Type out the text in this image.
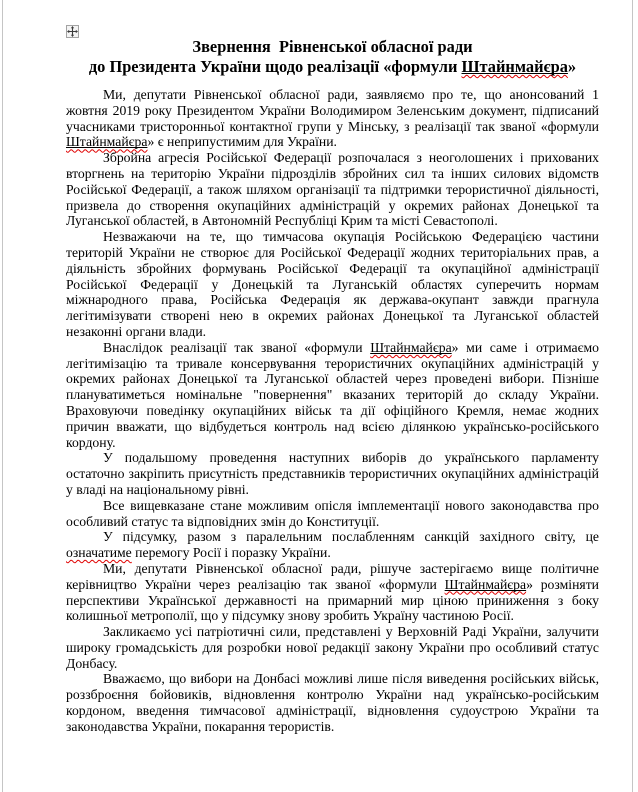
Звернення  Рівненської обласної ради
до Президента України щодо реалізації «формули Штайнмайєра»

Ми, депутати Рівненської обласної ради, заявляємо про те, що анонсований 1 жовтня 2019 року Президентом України Володимиром Зеленським документ, підписаний учасниками тристоронньої контактної групи у Мінську, з реалізації так званої «формули Штайнмайєра» є неприпустимим для України.

Збройна агресія Російської Федерації розпочалася з неоголошених і прихованих вторгнень на територію України підрозділів збройних сил та інших силових відомств Російської Федерації, а також шляхом організації та підтримки терористичної діяльності, призвела до створення окупаційних адміністрацій у окремих районах Донецької та Луганської областей, в Автономній Республіці Крим та місті Севастополі.

Незважаючи на те, що тимчасова окупація Російською Федерацією частини територій України не створює для Російської Федерації жодних територіальних прав, а діяльність збройних формувань Російської Федерації та окупаційної адміністрації Російської Федерації у Донецькій та Луганській областях суперечить нормам міжнародного права, Російська Федерація як держава-окупант завжди прагнула легітимізувати створені нею в окремих районах Донецької та Луганської областей незаконні органи влади.

Внаслідок реалізації так званої «формули Штайнмайєра» ми саме і отримаємо легітимізацію та тривале консервування терористичних окупаційних адміністрацій у окремих районах Донецької та Луганської областей через проведені вибори. Пізніше плануватиметься номінальне "повернення" вказаних територій до складу України. Враховуючи поведінку окупаційних військ та дії офіційного Кремля, немає жодних причин вважати, що відбудеться контроль над всією ділянкою українсько-російського кордону.

У подальшому проведення наступних виборів до українського парламенту остаточно закріпить присутність представників терористичних окупаційних адміністрацій у владі на національному рівні.

Все вищевказане стане можливим опісля імплементації нового законодавства про особливий статус та відповідних змін до Конституції.

У підсумку, разом з паралельним послабленням санкцій західного світу, це означатиме перемогу Росії і поразку України.

Ми, депутати Рівненської обласної ради, рішуче застерігаємо вище політичне керівництво України через реалізацію так званої «формули Штайнмайєра» розміняти перспективи Української державності на примарний мир ціною приниження з боку колишньої метрополії, що у підсумку знову зробить Україну частиною Росії.

Закликаємо усі патріотичні сили, представлені у Верховній Раді України, залучити широку громадськість для розробки нової редакції закону України про особливий статус Донбасу.

Вважаємо, що вибори на Донбасі можливі лише після виведення російських військ, роззброєння бойовиків, відновлення контролю України над українсько-російським кордоном, введення тимчасової адміністрації, відновлення судоустрою України та законодавства України, покарання терористів.
